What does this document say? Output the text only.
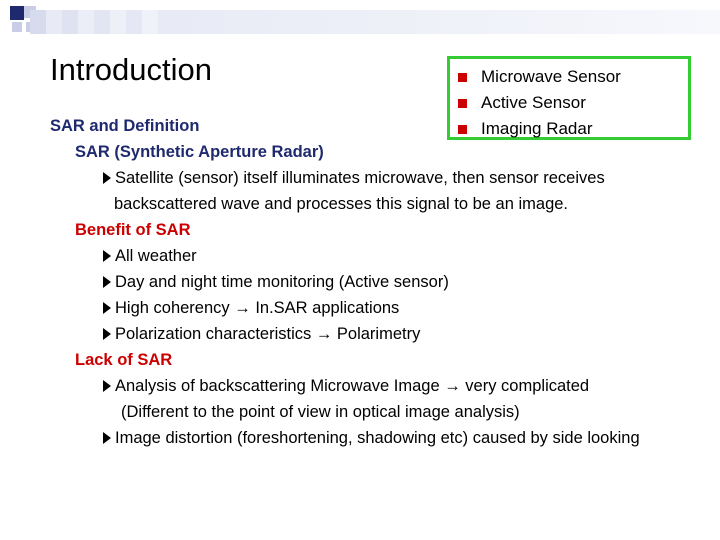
Introduction	Microwave Sensor
Active Sensor
Imaging Radar
SAR and Definition
SAR (Synthetic Aperture Radar)
Satellite (sensor) itself illuminates microwave, then sensor receives
backscattered wave and processes this signal to be an image.
Benefit of SAR
All weather
Day and night time monitoring (Active sensor)
High coherency → In.SAR applications
Polarization characteristics → Polarimetry
Lack of SAR
Analysis of backscattering Microwave Image → very complicated
(Different to the point of view in optical image analysis)
Image distortion (foreshortening, shadowing etc) caused by side looking
